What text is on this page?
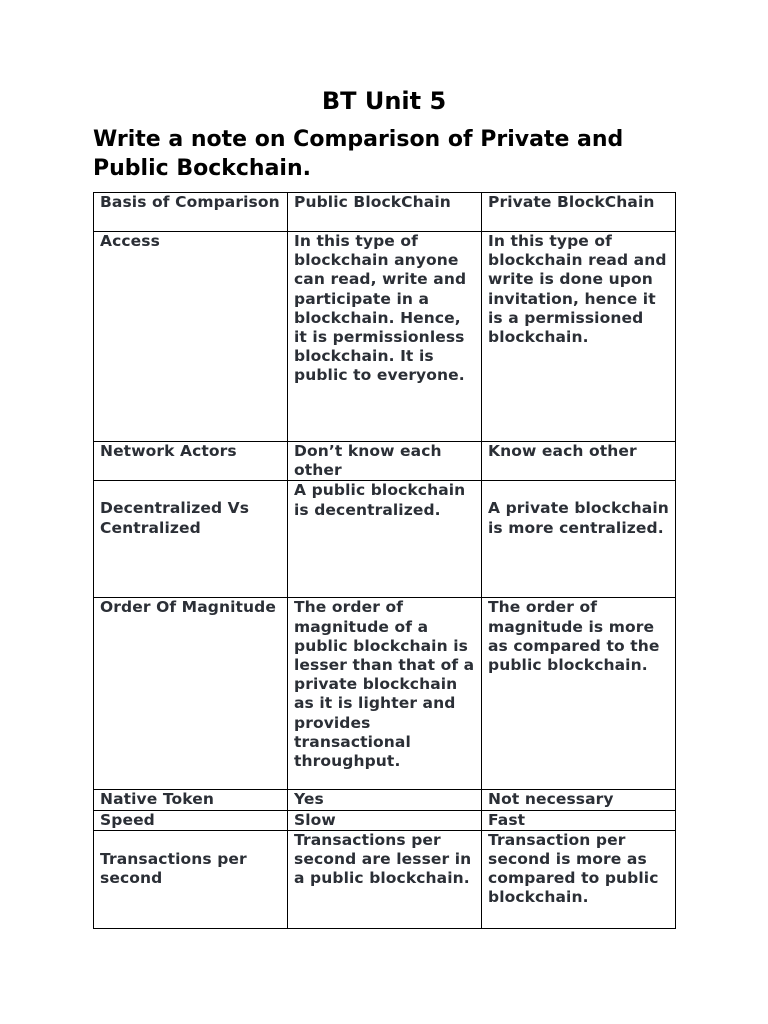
BT Unit 5
Write a note on Comparison of Private and Public Bockchain.
Basis of Comparison	Public BlockChain	Private BlockChain
Access	In this type of blockchain anyone can read, write and participate in a blockchain. Hence, it is permissionless blockchain. It is public to everyone.	In this type of blockchain read and write is done upon invitation, hence it is a permissioned blockchain.
Network Actors	Don’t know each other	Know each other
Decentralized Vs Centralized	A public blockchain is decentralized.	A private blockchain is more centralized.
Order Of Magnitude	The order of magnitude of a public blockchain is lesser than that of a private blockchain as it is lighter and provides transactional throughput.	The order of magnitude is more as compared to the public blockchain.
Native Token	Yes	Not necessary
Speed	Slow	Fast
Transactions per second	Transactions per second are lesser in a public blockchain.	Transaction per second is more as compared to public blockchain.
